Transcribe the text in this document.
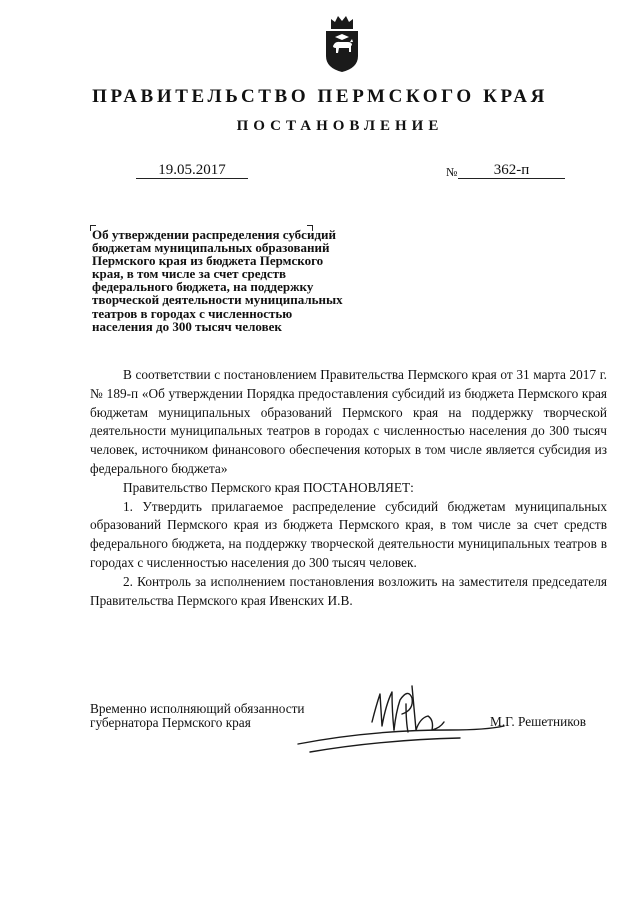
ПРАВИТЕЛЬСТВО ПЕРМСКОГО КРАЯ
ПОСТАНОВЛЕНИЕ
19.05.2017	№	362-п
Об утверждении распределения субсидий
бюджетам муниципальных образований
Пермского края из бюджета Пермского
края, в том числе за счет средств
федерального бюджета, на поддержку
творческой деятельности муниципальных
театров в городах с численностью
населения до 300 тысяч человек

В соответствии с постановлением Правительства Пермского края от 31 марта 2017 г. № 189-п «Об утверждении Порядка предоставления субсидий из бюджета Пермского края бюджетам муниципальных образований Пермского края на поддержку творческой деятельности муниципальных театров в городах с численностью населения до 300 тысяч человек, источником финансового обеспечения которых в том числе является субсидия из федерального бюджета»

Правительство Пермского края ПОСТАНОВЛЯЕТ:

1. Утвердить прилагаемое распределение субсидий бюджетам муниципальных образований Пермского края из бюджета Пермского края, в том числе за счет средств федерального бюджета, на поддержку творческой деятельности муниципальных театров в городах с численностью населения до 300 тысяч человек.

2. Контроль за исполнением постановления возложить на заместителя председателя Правительства Пермского края Ивенских И.В.

Временно исполняющий обязанности
губернатора Пермского края	М.Г. Решетников
